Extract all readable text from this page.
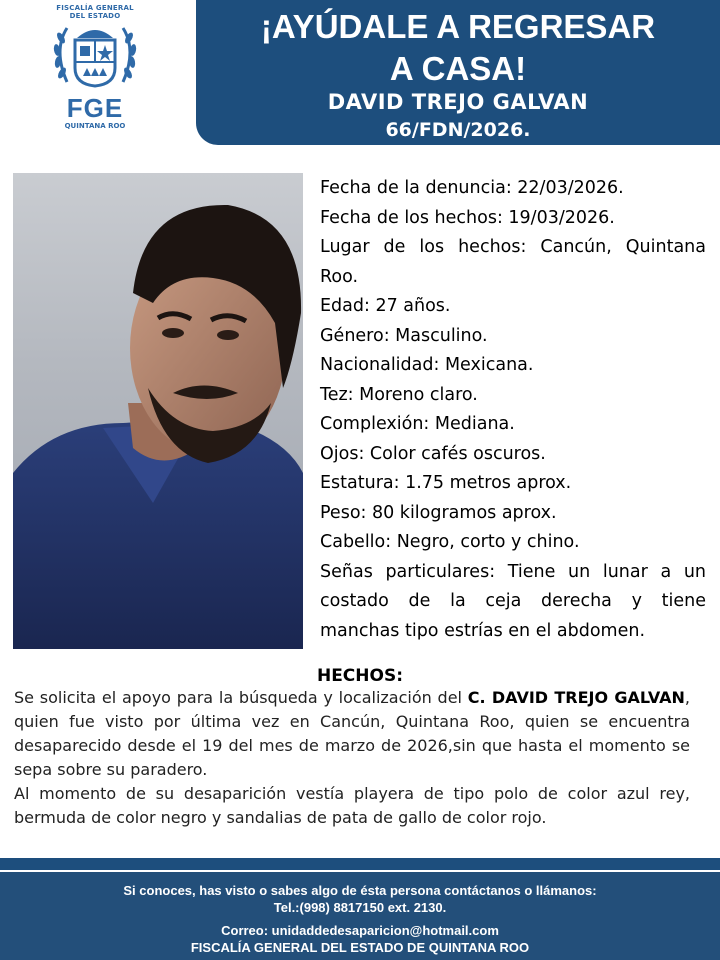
FISCALÍA GENERAL
DEL ESTADO
FGE
QUINTANA ROO
¡AYÚDALE A REGRESAR
A CASA!
DAVID TREJO GALVAN
66/FDN/2026.
Fecha de la denuncia: 22/03/2026.
Fecha de los hechos: 19/03/2026.
Lugar de los hechos: Cancún, Quintana Roo.
Edad: 27 años.
Género: Masculino.
Nacionalidad: Mexicana.
Tez: Moreno claro.
Complexión: Mediana.
Ojos: Color cafés oscuros.
Estatura: 1.75 metros aprox.
Peso: 80 kilogramos aprox.
Cabello: Negro, corto y chino.
Señas particulares: Tiene un lunar a un costado de la ceja derecha y tiene manchas tipo estrías en el abdomen.
HECHOS:
Se solicita el apoyo para la búsqueda y localización del C. DAVID TREJO GALVAN, quien fue visto por última vez en Cancún, Quintana Roo, quien se encuentra desaparecido desde el 19 del mes de marzo de 2026,sin que hasta el momento se sepa sobre su paradero.
Al momento de su desaparición vestía playera de tipo polo de color azul rey, bermuda de color negro y sandalias de pata de gallo de color rojo.
Si conoces, has visto o sabes algo de ésta persona contáctanos o llámanos:
Tel.:(998) 8817150 ext. 2130.
Correo: unidaddedesaparicion@hotmail.com
FISCALÍA GENERAL DEL ESTADO DE QUINTANA ROO
